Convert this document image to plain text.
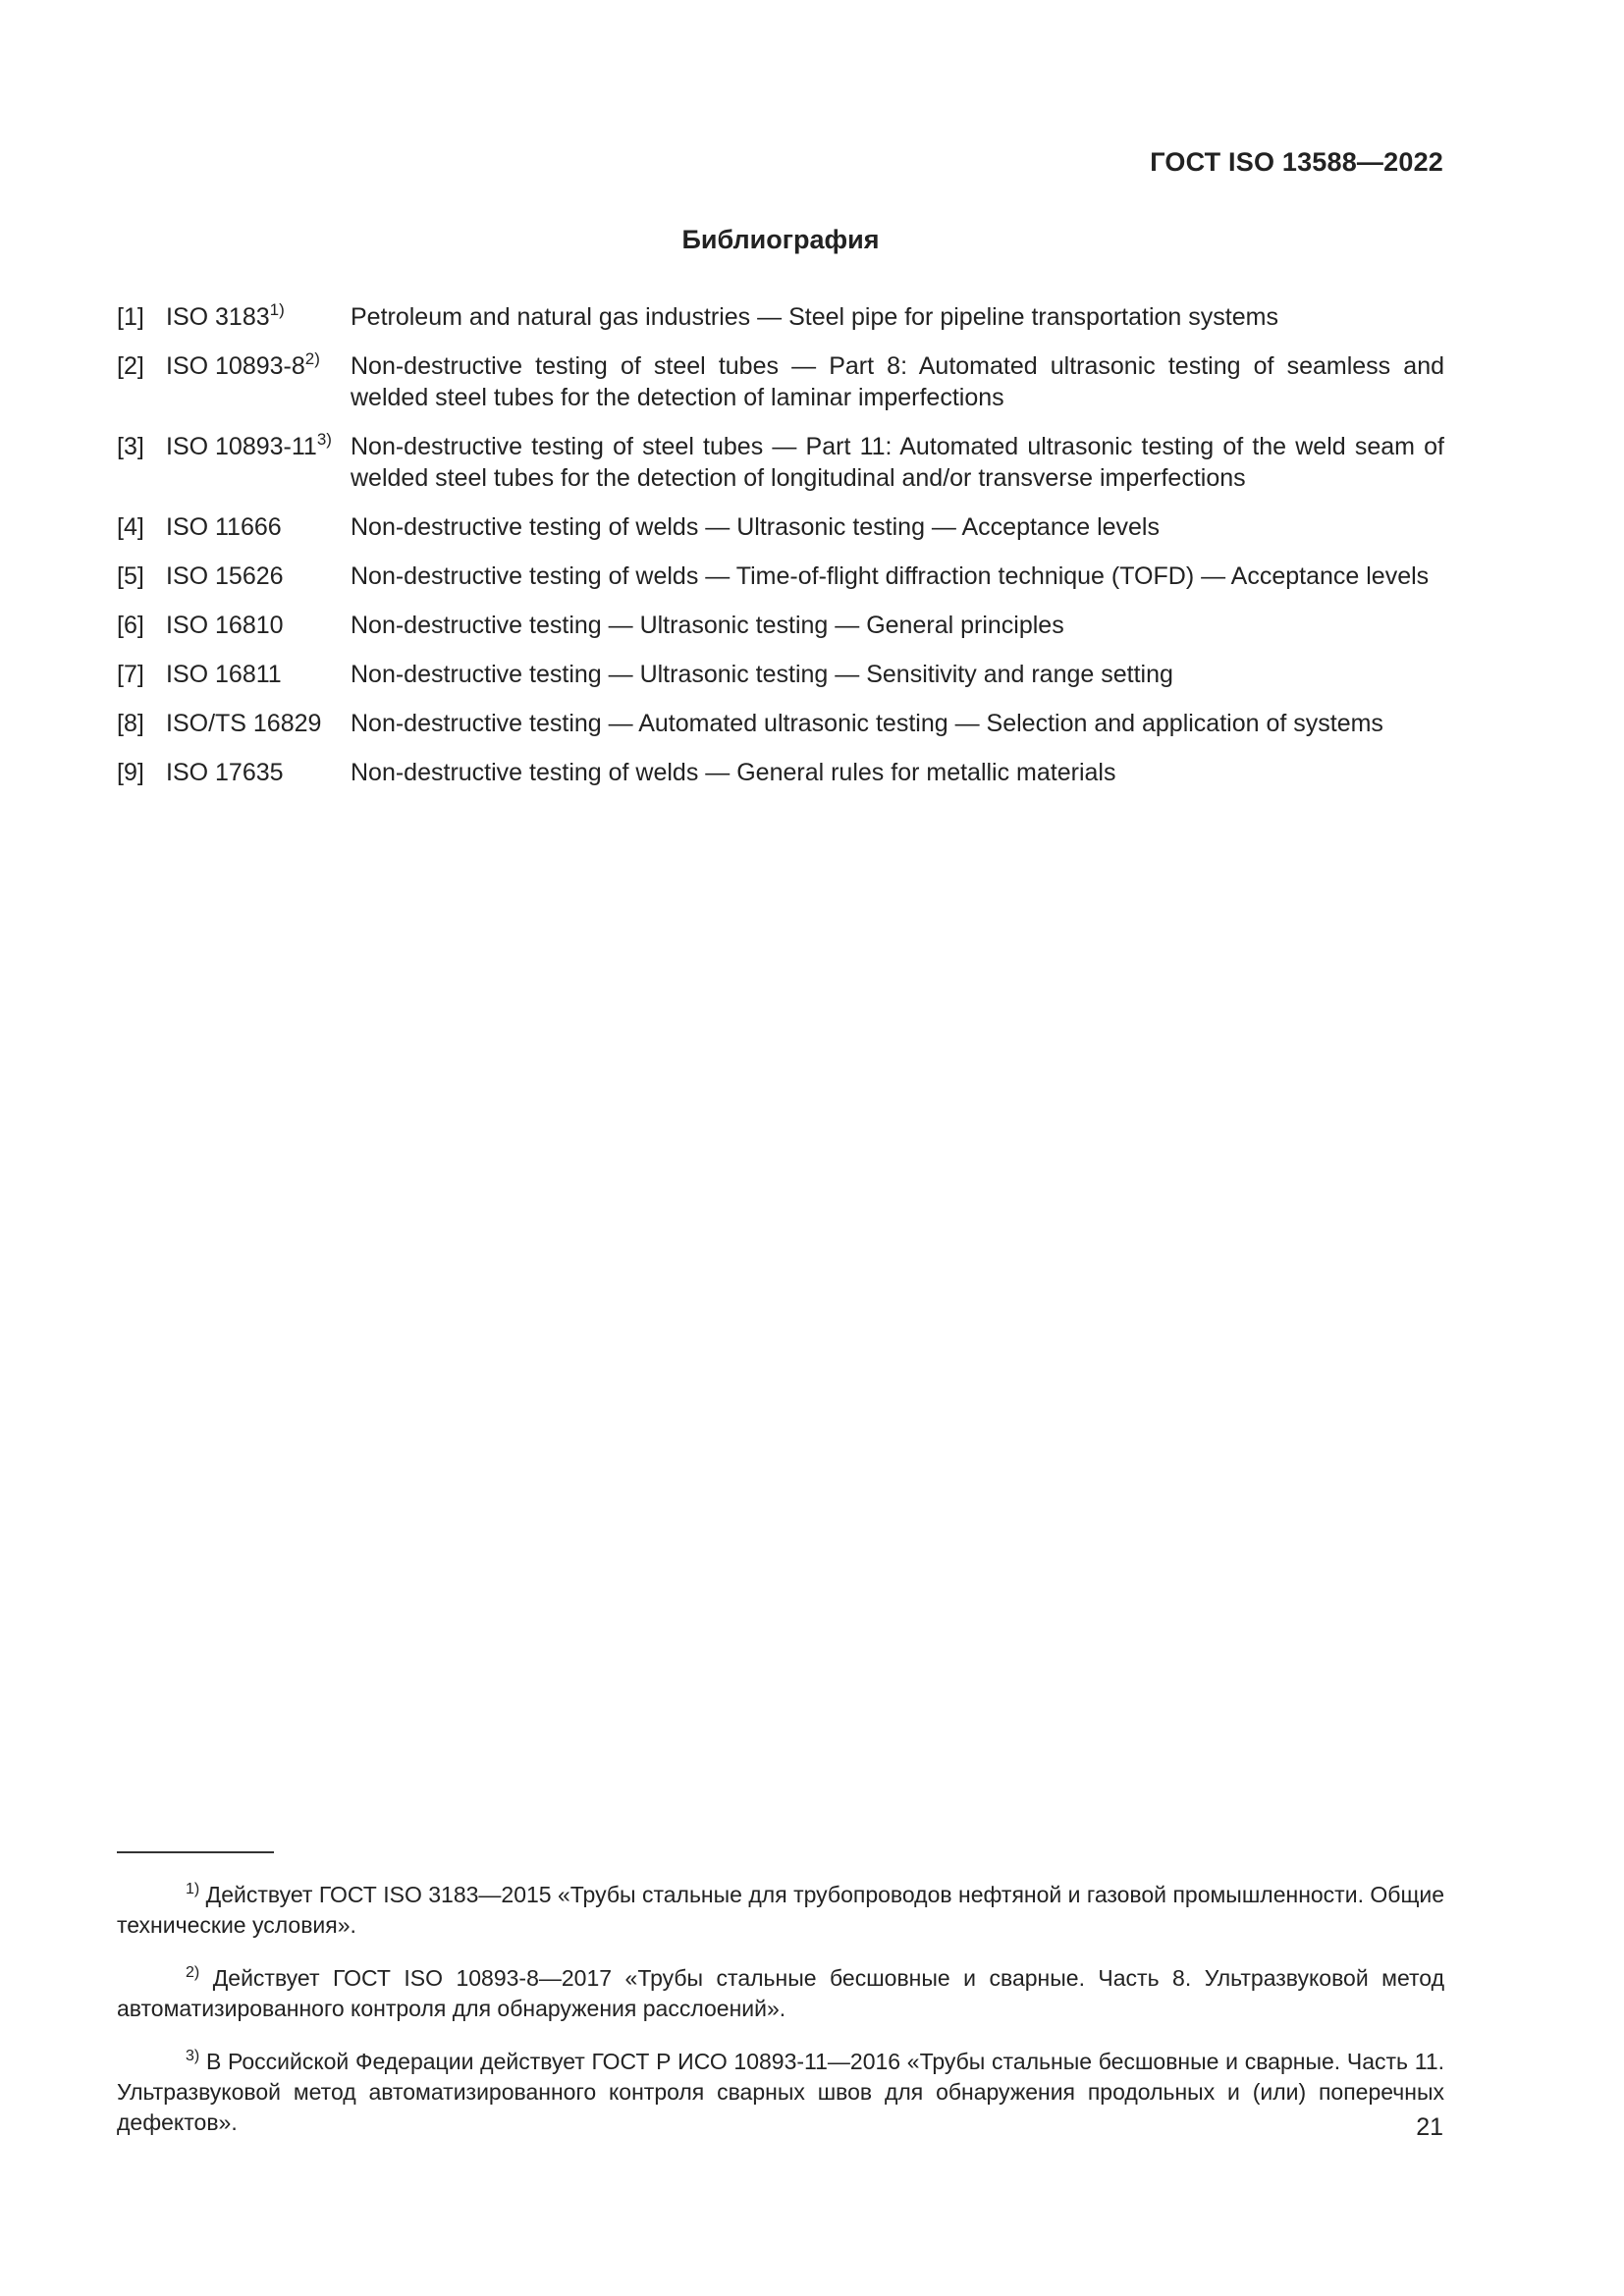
ГОСТ ISO 13588—2022
Библиография
[1] ISO 3183$^{1)}$	Petroleum and natural gas industries — Steel pipe for pipeline transportation systems
[2] ISO 10893-8$^{2)}$	Non-destructive testing of steel tubes — Part 8: Automated ultrasonic testing of seamless and welded steel tubes for the detection of laminar imperfections
[3] ISO 10893-11$^{3)}$ Non-destructive testing of steel tubes — Part 11: Automated ultrasonic testing of the weld seam of welded steel tubes for the detection of longitudinal and/or transverse imperfections
[4] ISO 11666	Non-destructive testing of welds — Ultrasonic testing — Acceptance levels
[5] ISO 15626	Non-destructive testing of welds — Time-of-flight diffraction technique (TOFD) — Acceptance levels
[6] ISO 16810	Non-destructive testing — Ultrasonic testing — General principles
[7] ISO 16811	Non-destructive testing — Ultrasonic testing — Sensitivity and range setting
[8] ISO/TS 16829	Non-destructive testing — Automated ultrasonic testing — Selection and application of systems
[9] ISO 17635	Non-destructive testing of welds — General rules for metallic materials

$^{1)}$ Действует ГОСТ ISO 3183—2015 «Трубы стальные для трубопроводов нефтяной и газовой промышленности. Общие технические условия».

$^{2)}$ Действует ГОСТ ISO 10893-8—2017 «Трубы стальные бесшовные и сварные. Часть 8. Ультразвуковой метод автоматизированного контроля для обнаружения расслоений».

$^{3)}$ В Российской Федерации действует ГОСТ Р ИСО 10893-11—2016 «Трубы стальные бесшовные и сварные. Часть 11. Ультразвуковой метод автоматизированного контроля сварных швов для обнаружения продольных и (или) поперечных дефектов».	21
